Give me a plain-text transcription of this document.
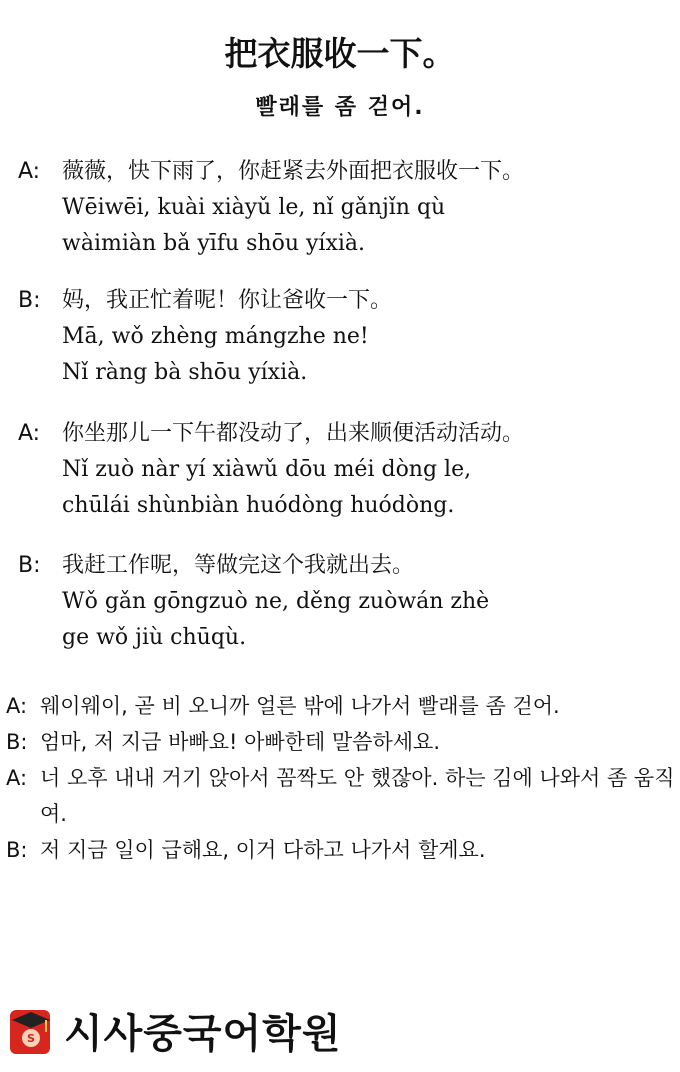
把衣服收一下。
빨래를 좀 걷어.
A: 薇薇，快下雨了，你赶紧去外面把衣服收一下。
Wēiwēi, kuài xiàyǔ le, nǐ gǎnjǐn qù
wàimiàn bǎ yīfu shōu yíxià.
B: 妈，我正忙着呢！你让爸收一下。
Mā, wǒ zhèng mángzhe ne!
Nǐ ràng bà shōu yíxià.
A: 你坐那儿一下午都没动了，出来顺便活动活动。
Nǐ zuò nàr yí xiàwǔ dōu méi dòng le,
chūlái shùnbiàn huódòng huódòng.
B: 我赶工作呢，等做完这个我就出去。
Wǒ gǎn gōngzuò ne, děng zuòwán zhè
ge wǒ jiù chūqù.
A: 웨이웨이, 곧 비 오니까 얼른 밖에 나가서 빨래를 좀 걷어.
B: 엄마, 저 지금 바빠요! 아빠한테 말씀하세요.
A: 너 오후 내내 거기 앉아서 꼼짝도 안 했잖아. 하는 김에 나와서 좀 움직여.
B: 저 지금 일이 급해요, 이거 다하고 나가서 할게요.
S 시사중국어학원
